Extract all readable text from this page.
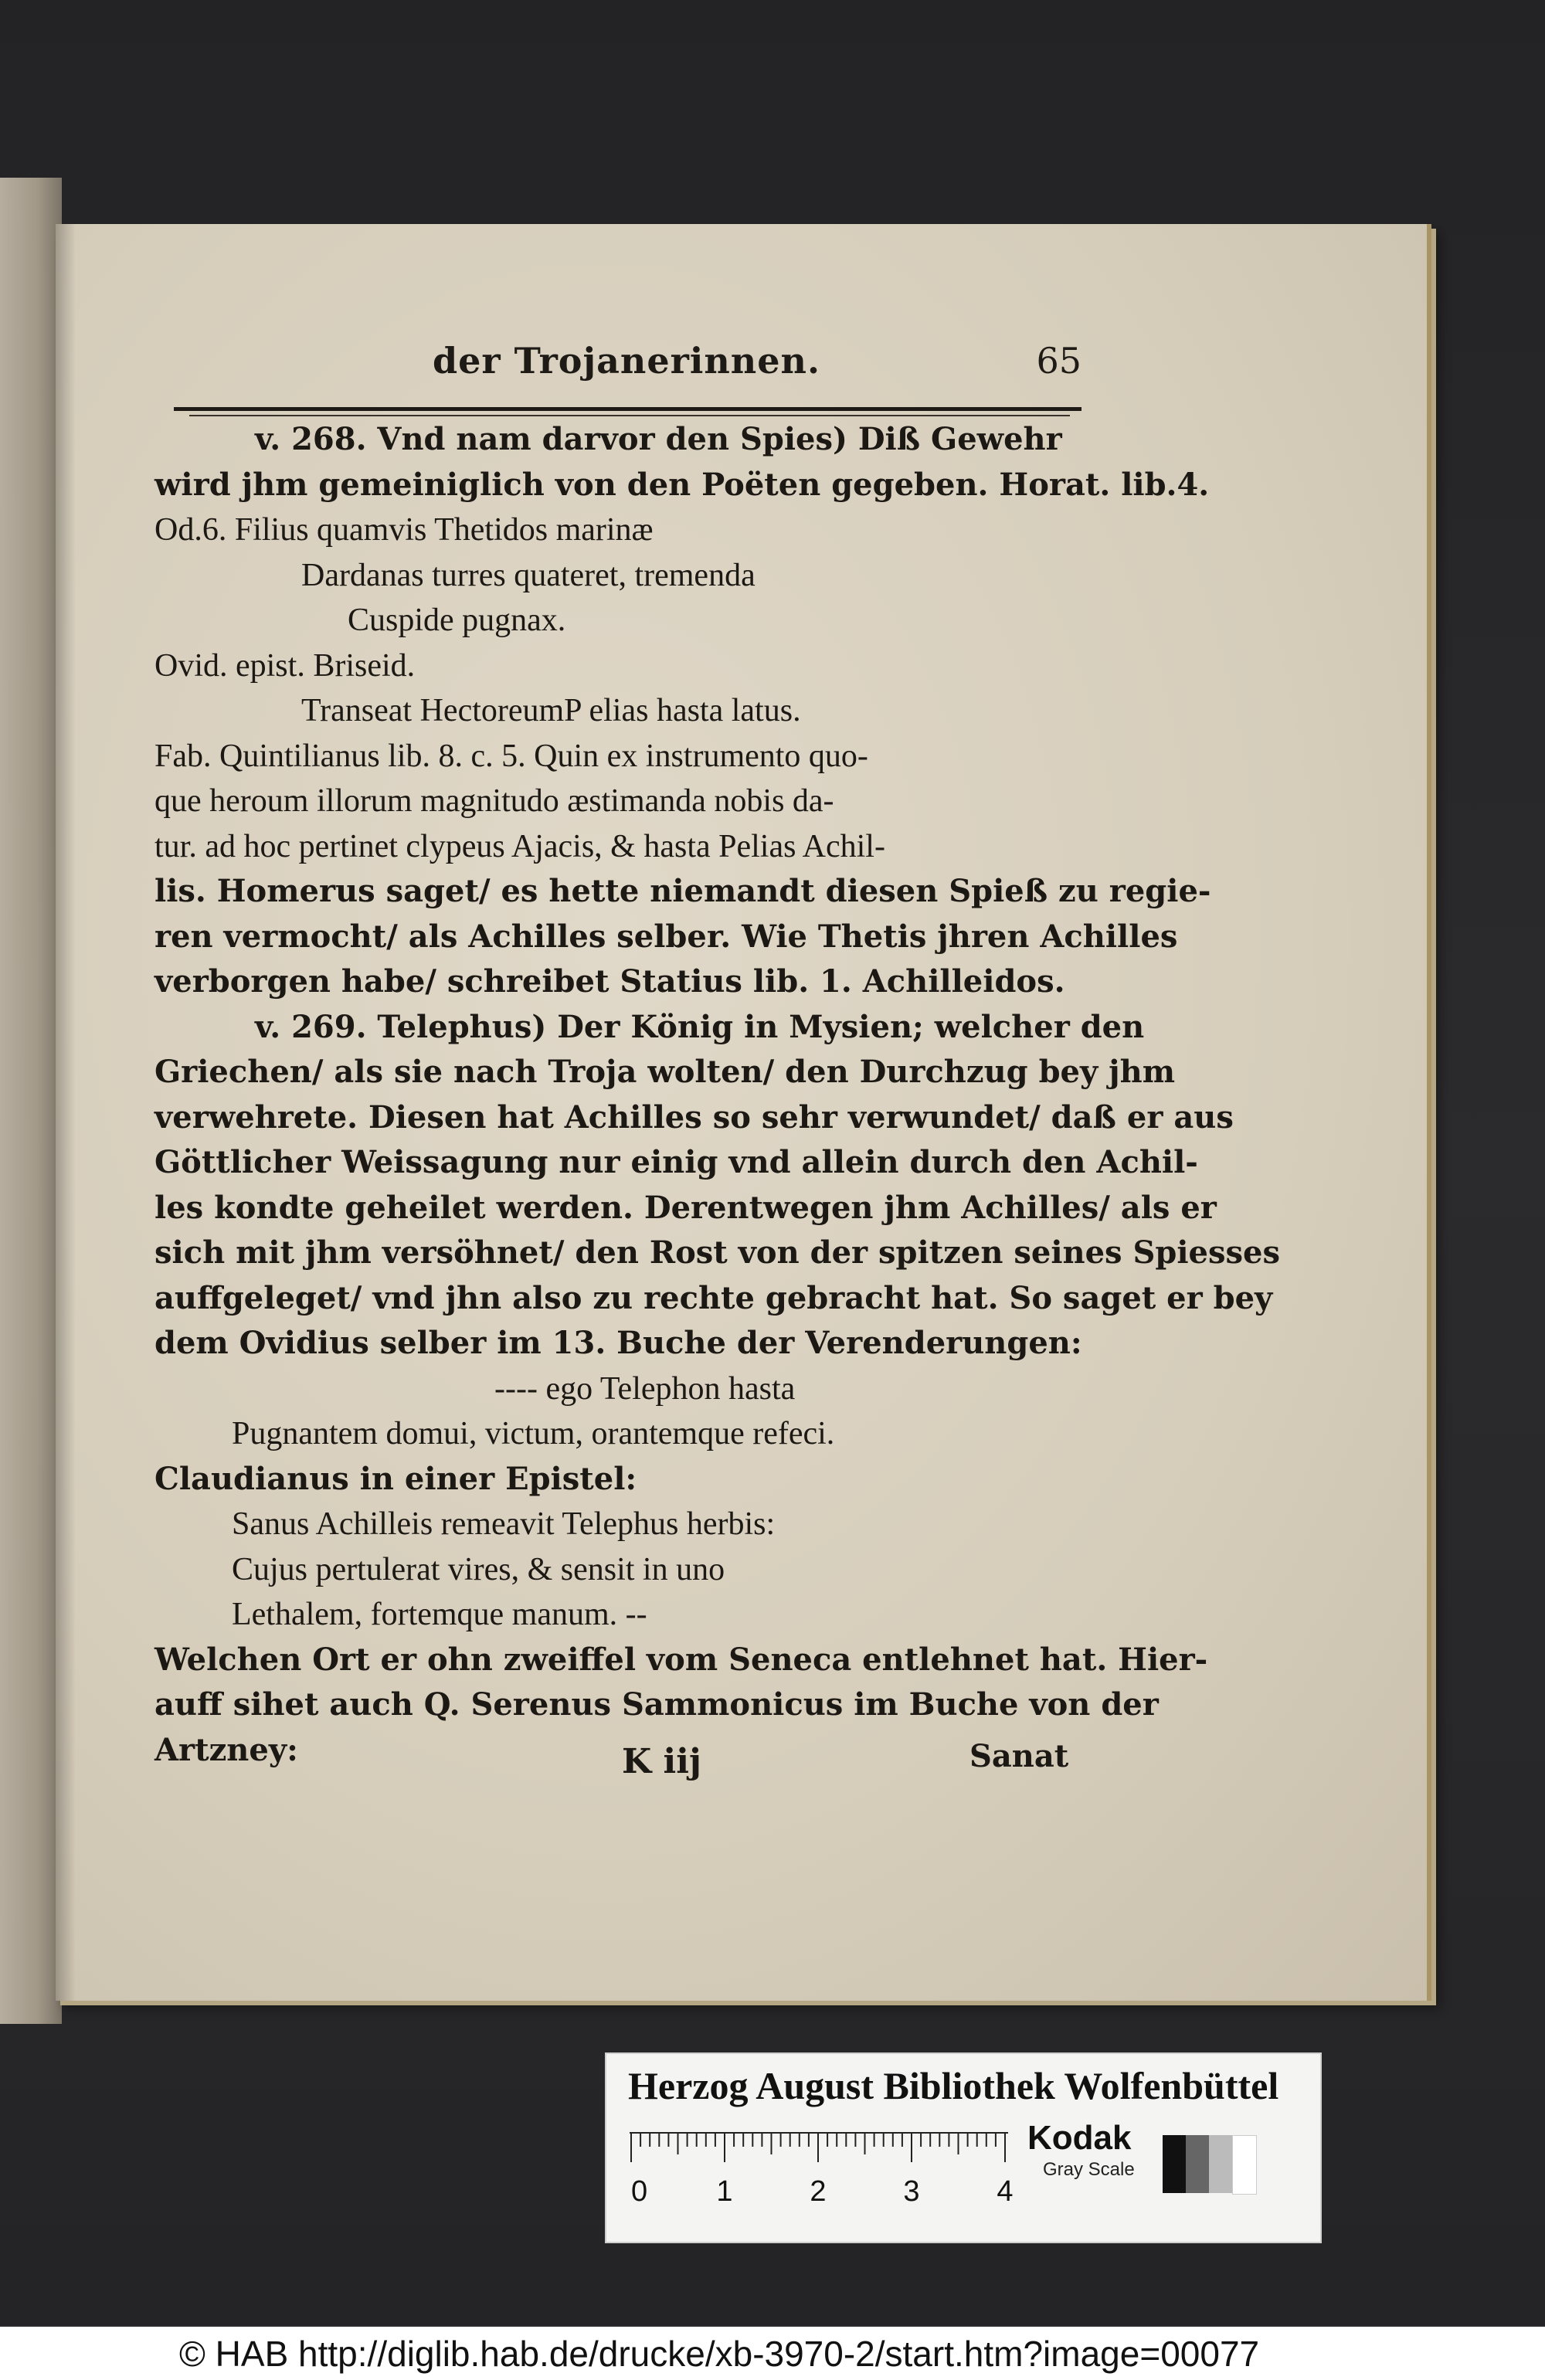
der Trojanerinnen.	65
v. 268. Vnd nam darvor den Spies) Diß Gewehr
wird jhm gemeiniglich von den Poëten gegeben. Horat. lib.4.
Od.6. Filius quamvis Thetidos marinæ
Dardanas turres quateret, tremenda
Cuspide pugnax.
Ovid. epist. Briseid.
Transeat HectoreumP elias hasta latus.
Fab. Quintilianus lib. 8. c. 5. Quin ex instrumento quo-
que heroum illorum magnitudo æstimanda nobis da-
tur. ad hoc pertinet clypeus Ajacis, & hasta Pelias Achil-
lis. Homerus saget/ es hette niemandt diesen Spieß zu regie-
ren vermocht/ als Achilles selber. Wie Thetis jhren Achilles
verborgen habe/ schreibet Statius lib. 1. Achilleidos.
v. 269. Telephus) Der König in Mysien; welcher den
Griechen/ als sie nach Troja wolten/ den Durchzug bey jhm
verwehrete. Diesen hat Achilles so sehr verwundet/ daß er aus
Göttlicher Weissagung nur einig vnd allein durch den Achil-
les kondte geheilet werden. Derentwegen jhm Achilles/ als er
sich mit jhm versöhnet/ den Rost von der spitzen seines Spiesses
auffgeleget/ vnd jhn also zu rechte gebracht hat. So saget er bey
dem Ovidius selber im 13. Buche der Verenderungen:
---- ego Telephon hasta
Pugnantem domui, victum, orantemque refeci.
Claudianus in einer Epistel:
Sanus Achilleis remeavit Telephus herbis:
Cujus pertulerat vires, & sensit in uno
Lethalem, fortemque manum. --
Welchen Ort er ohn zweiffel vom Seneca entlehnet hat. Hier-
auff sihet auch Q. Serenus Sammonicus im Buche von der
Artzney:	K iij	Sanat
Herzog August Bibliothek Wolfenbüttel
0 1	2	3	4
Kodak
Gray Scale
© HAB http://diglib.hab.de/drucke/xb-3970-2/start.htm?image=00077
